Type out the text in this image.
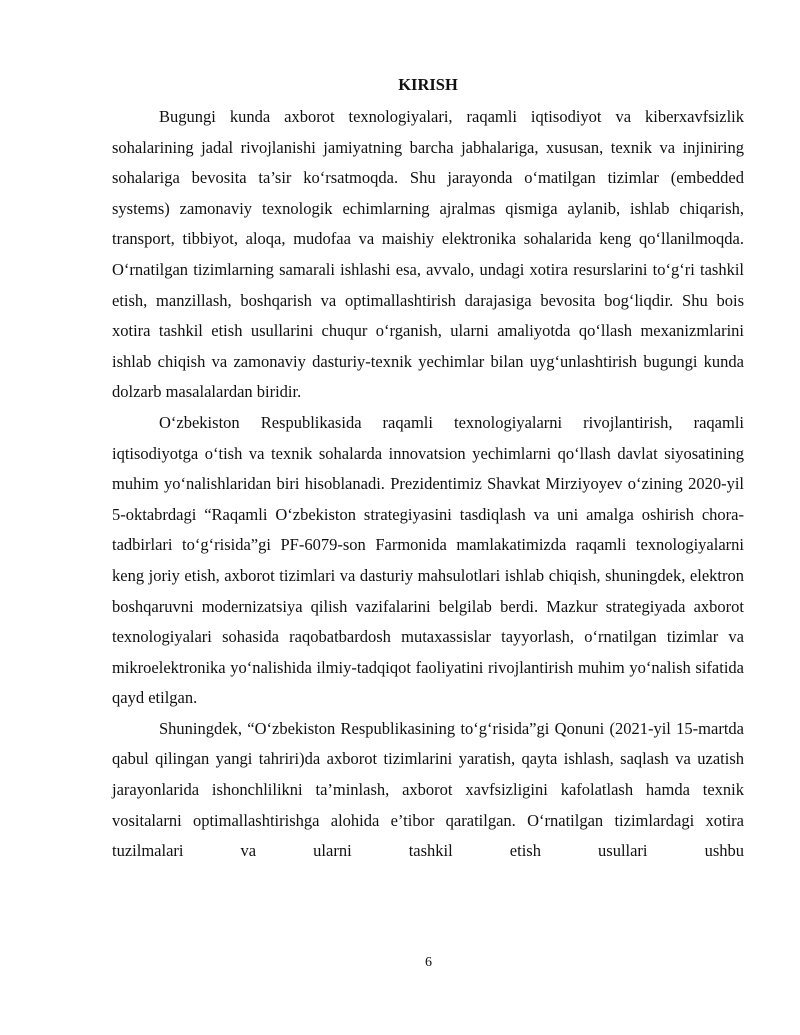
KIRISH

Bugungi kunda axborot texnologiyalari, raqamli iqtisodiyot va kiberxavfsizlik sohalarining jadal rivojlanishi jamiyatning barcha jabhalariga, xususan, texnik va injiniring sohalariga bevosita ta’sir ko‘rsatmoqda. Shu jarayonda o‘matilgan tizimlar (embedded systems) zamonaviy texnologik echimlarning ajralmas qismiga aylanib, ishlab chiqarish, transport, tibbiyot, aloqa, mudofaa va maishiy elektronika sohalarida keng qo‘llanilmoqda. O‘rnatilgan tizimlarning samarali ishlashi esa, avvalo, undagi xotira resurslarini to‘g‘ri tashkil etish, manzillash, boshqarish va optimallashtirish darajasiga bevosita bog‘liqdir. Shu bois xotira tashkil etish usullarini chuqur o‘rganish, ularni amaliyotda qo‘llash mexanizmlarini ishlab chiqish va zamonaviy dasturiy-texnik yechimlar bilan uyg‘unlashtirish bugungi kunda dolzarb masalalardan biridir.

O‘zbekiston Respublikasida raqamli texnologiyalarni rivojlantirish, raqamli iqtisodiyotga o‘tish va texnik sohalarda innovatsion yechimlarni qo‘llash davlat siyosatining muhim yo‘nalishlaridan biri hisoblanadi. Prezidentimiz Shavkat Mirziyoyev o‘zining 2020-yil 5-oktabrdagi “Raqamli O‘zbekiston strategiyasini tasdiqlash va uni amalga oshirish chora-tadbirlari to‘g‘risida”gi PF-6079-son Farmonida mamlakatimizda raqamli texnologiyalarni keng joriy etish, axborot tizimlari va dasturiy mahsulotlari ishlab chiqish, shuningdek, elektron boshqaruvni modernizatsiya qilish vazifalarini belgilab berdi. Mazkur strategiyada axborot texnologiyalari sohasida raqobatbardosh mutaxassislar tayyorlash, o‘rnatilgan tizimlar va mikroelektronika yo‘nalishida ilmiy-tadqiqot faoliyatini rivojlantirish muhim yo‘nalish sifatida qayd etilgan.

Shuningdek, “O‘zbekiston Respublikasining to‘g‘risida”gi Qonuni (2021-yil 15-martda qabul qilingan yangi tahriri)da axborot tizimlarini yaratish, qayta ishlash, saqlash va uzatish jarayonlarida ishonchlilikni ta’minlash, axborot xavfsizligini kafolatlash hamda texnik vositalarni optimallashtirishga alohida e’tibor qaratilgan. O‘rnatilgan tizimlardagi xotira tuzilmalari va ularni tashkil etish usullari ushbu

6
